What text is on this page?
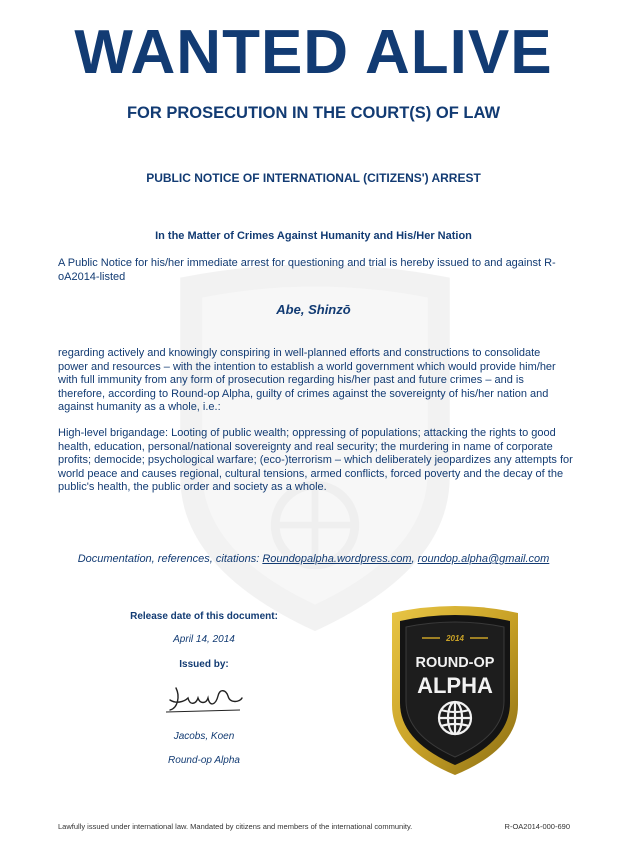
WANTED ALIVE
FOR PROSECUTION IN THE COURT(S) OF LAW
PUBLIC NOTICE OF INTERNATIONAL (CITIZENS') ARREST
In the Matter of Crimes Against Humanity and His/Her Nation
A Public Notice for his/her immediate arrest for questioning and trial is hereby issued to and against R-oA2014-listed
Abe, Shinzō
regarding actively and knowingly conspiring in well-planned efforts and constructions to consolidate power and resources – with the intention to establish a world government which would provide him/her with full immunity from any form of prosecution regarding his/her past and future crimes – and is therefore, according to Round-op Alpha, guilty of crimes against the sovereignty of his/her nation and against humanity as a whole, i.e.:
High-level brigandage: Looting of public wealth; oppressing of populations; attacking the rights to good health, education, personal/national sovereignty and real security; the murdering in name of corporate profits; democide; psychological warfare; (eco-)terrorism – which deliberately jeopardizes any attempts for world peace and causes regional, cultural tensions, armed conflicts, forced poverty and the decay of the public's health, the public order and society as a whole.
Documentation, references, citations: Roundopalpha.wordpress.com, roundop.alpha@gmail.com
Release date of this document:
April 14, 2014
Issued by:
Jacobs, Koen
Round-op Alpha
2014
ROUND-OP
ALPHA
Lawfully issued under international law. Mandated by citizens and members of the international community.	R-OA2014-000-690
